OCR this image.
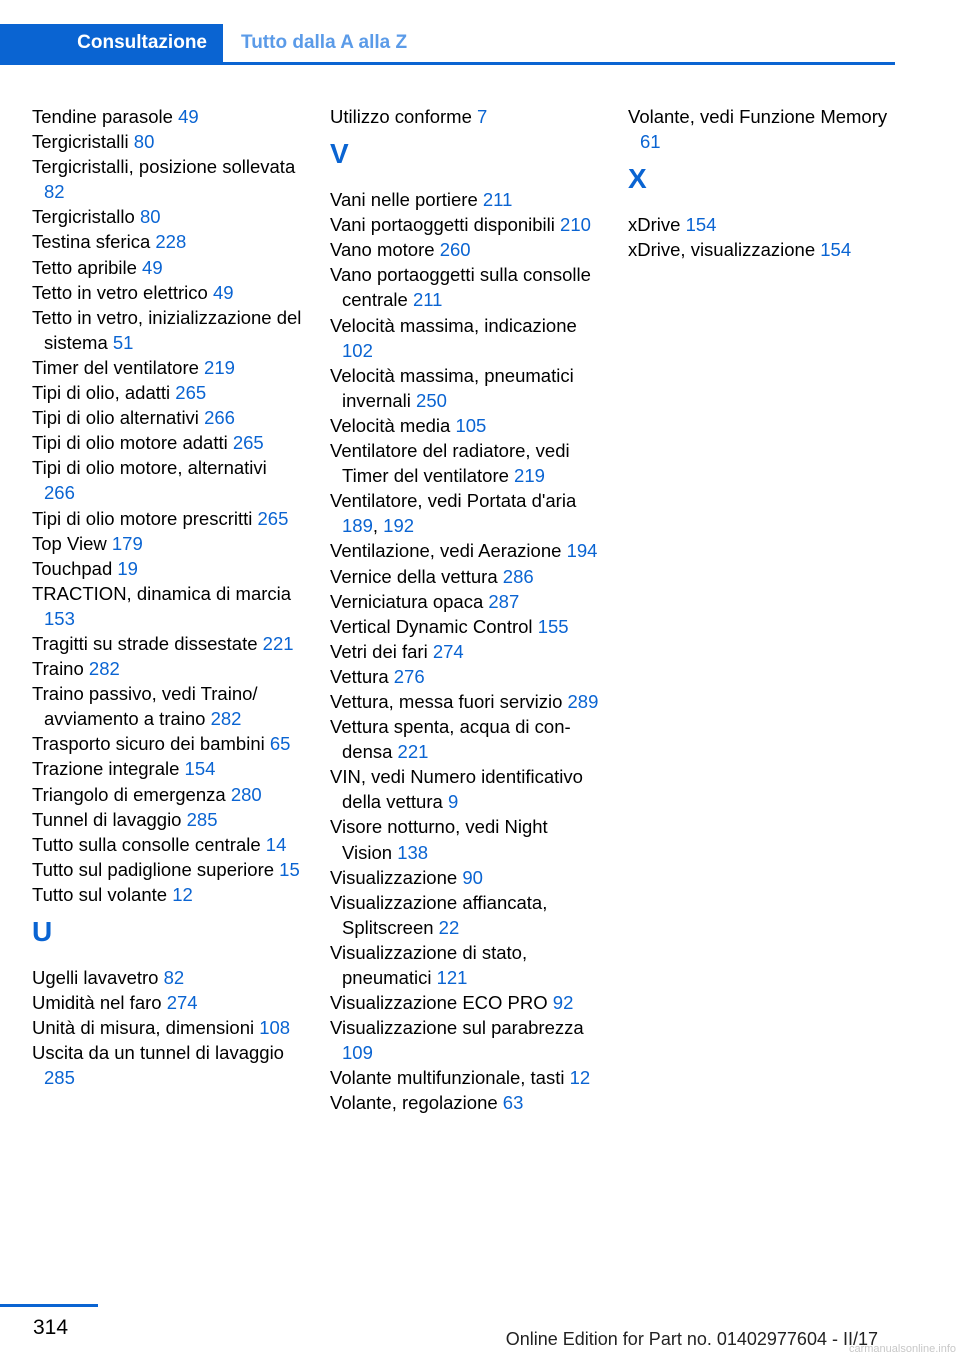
Consultazione	Tutto dalla A alla Z
Tendine parasole 49
Tergicristalli 80
Tergicristalli, posizione sollevata 82
Tergicristallo 80
Testina sferica 228
Tetto apribile 49
Tetto in vetro elettrico 49
Tetto in vetro, inizializzazione del sistema 51
Timer del ventilatore 219
Tipi di olio, adatti 265
Tipi di olio alternativi 266
Tipi di olio motore adatti 265
Tipi di olio motore, alternativi 266
Tipi di olio motore prescritti 265
Top View 179
Touchpad 19
TRACTION, dinamica di marcia 153
Tragitti su strade dissestate 221
Traino 282
Traino passivo, vedi Traino/ avviamento a traino 282
Trasporto sicuro dei bambini 65
Trazione integrale 154
Triangolo di emergenza 280
Tunnel di lavaggio 285
Tutto sulla consolle centrale 14
Tutto sul padiglione superiore 15
Tutto sul volante 12
U
Ugelli lavavetro 82
Umidità nel faro 274
Unità di misura, dimensioni 108
Uscita da un tunnel di lavaggio 285
Utilizzo conforme 7
V
Vani nelle portiere 211
Vani portaoggetti disponibili 210
Vano motore 260
Vano portaoggetti sulla consolle centrale 211
Velocità massima, indicazione 102
Velocità massima, pneumatici invernali 250
Velocità media 105
Ventilatore del radiatore, vedi Timer del ventilatore 219
Ventilatore, vedi Portata d'aria 189, 192
Ventilazione, vedi Aerazione 194
Vernice della vettura 286
Verniciatura opaca 287
Vertical Dynamic Control 155
Vetri dei fari 274
Vettura 276
Vettura, messa fuori servizio 289
Vettura spenta, acqua di condensa 221
VIN, vedi Numero identificativo della vettura 9
Visore notturno, vedi Night Vision 138
Visualizzazione 90
Visualizzazione affiancata, Splitscreen 22
Visualizzazione di stato, pneumatici 121
Visualizzazione ECO PRO 92
Visualizzazione sul parabrezza 109
Volante multifunzionale, tasti 12
Volante, regolazione 63
Volante, vedi Funzione Memory 61
X
xDrive 154
xDrive, visualizzazione 154
314	Online Edition for Part no. 01402977604 - II/17
carmanualsonline.info
